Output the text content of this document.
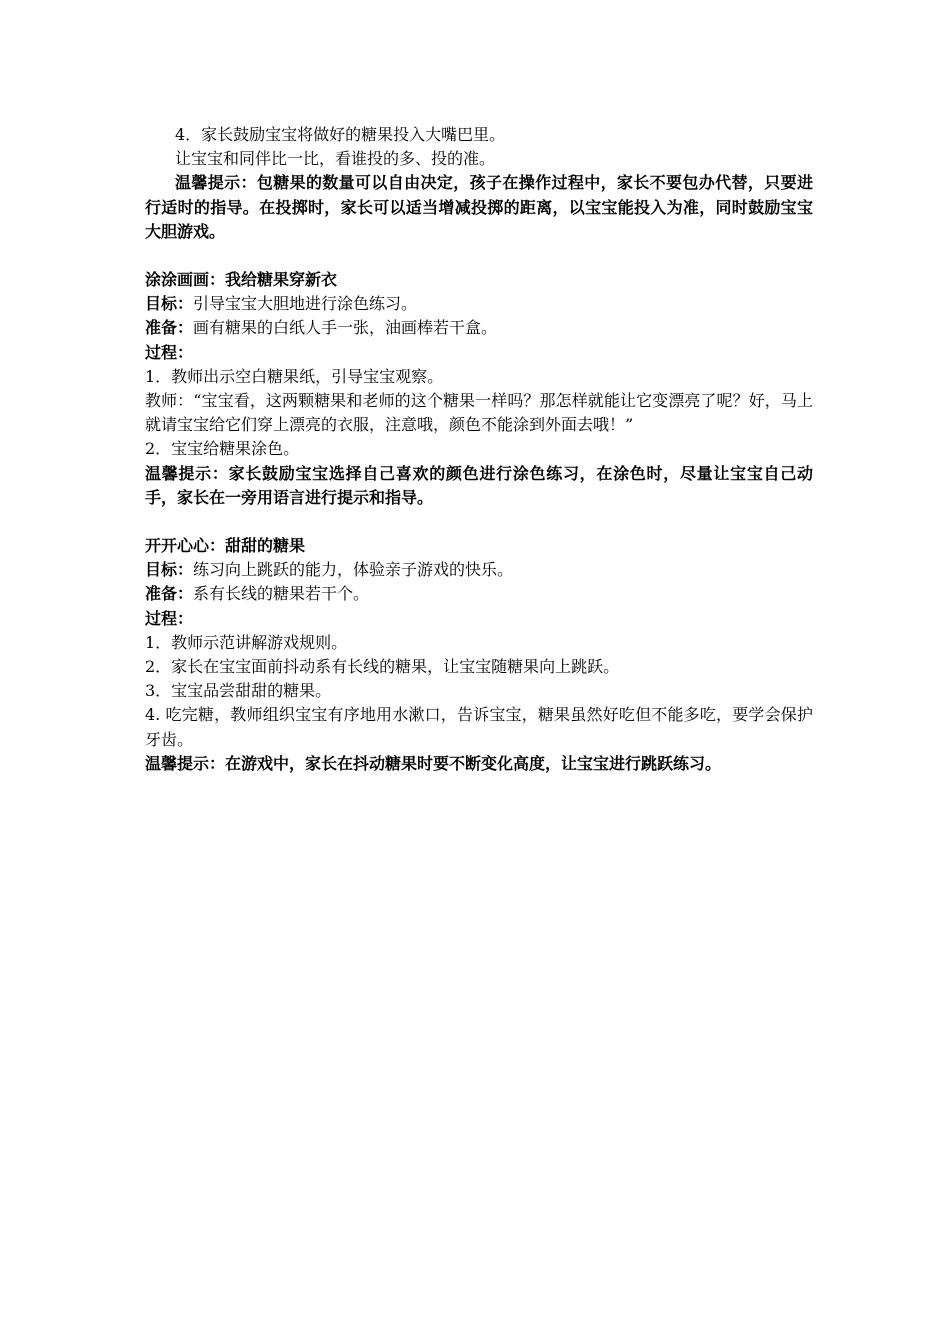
4．家长鼓励宝宝将做好的糖果投入大嘴巴里。
让宝宝和同伴比一比，看谁投的多、投的准。
温馨提示：包糖果的数量可以自由决定，孩子在操作过程中，家长不要包办代替，只要进行适时的指导。在投掷时，家长可以适当增减投掷的距离，以宝宝能投入为准，同时鼓励宝宝大胆游戏。
涂涂画画：我给糖果穿新衣
目标：引导宝宝大胆地进行涂色练习。
准备：画有糖果的白纸人手一张，油画棒若干盒。
过程：
1．教师出示空白糖果纸，引导宝宝观察。
教师：“宝宝看，这两颗糖果和老师的这个糖果一样吗？那怎样就能让它变漂亮了呢？好，马上就请宝宝给它们穿上漂亮的衣服，注意哦，颜色不能涂到外面去哦！”
2．宝宝给糖果涂色。
温馨提示：家长鼓励宝宝选择自己喜欢的颜色进行涂色练习，在涂色时，尽量让宝宝自己动手，家长在一旁用语言进行提示和指导。
开开心心：甜甜的糖果
目标：练习向上跳跃的能力，体验亲子游戏的快乐。
准备：系有长线的糖果若干个。
过程：
1．教师示范讲解游戏规则。
2．家长在宝宝面前抖动系有长线的糖果，让宝宝随糖果向上跳跃。
3．宝宝品尝甜甜的糖果。
4. 吃完糖，教师组织宝宝有序地用水漱口，告诉宝宝，糖果虽然好吃但不能多吃，要学会保护牙齿。
温馨提示：在游戏中，家长在抖动糖果时要不断变化高度，让宝宝进行跳跃练习。
